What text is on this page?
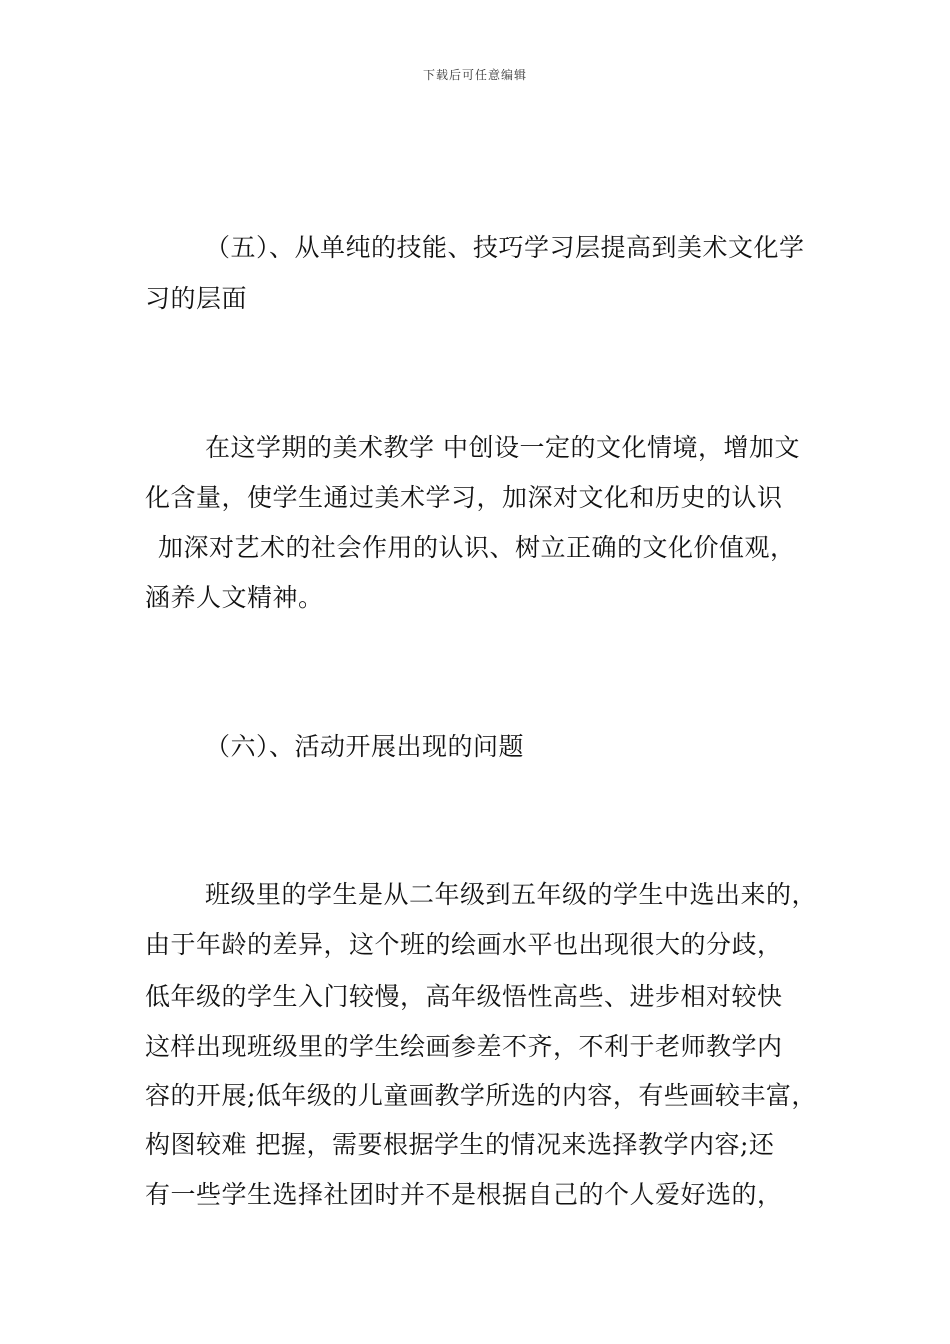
下载后可任意编辑
（五）、从单纯的技能、技巧学习层提高到美术文化学
习的层面
在这学期的美术教学 中创设一定的文化情境，增加文
化含量，使学生通过美术学习，加深对文化和历史的认识
加深对艺术的社会作用的认识、树立正确的文化价值观，
涵养人文精神。
（六）、活动开展出现的问题
班级里的学生是从二年级到五年级的学生中选出来的，
由于年龄的差异，这个班的绘画水平也出现很大的分歧，
低年级的学生入门较慢，高年级悟性高些、进步相对较快
这样出现班级里的学生绘画参差不齐，不利于老师教学内
容的开展;低年级的儿童画教学所选的内容，有些画较丰富，
构图较难 把握，需要根据学生的情况来选择教学内容;还
有一些学生选择社团时并不是根据自己的个人爱好选的，
